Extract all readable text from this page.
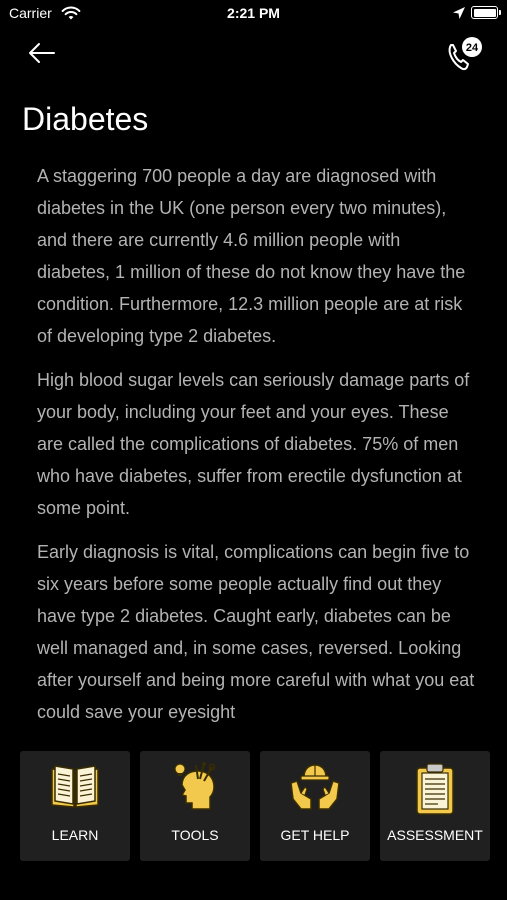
Carrier	2:21 PM
24
Diabetes

A staggering 700 people a day are diagnosed with diabetes in the UK (one person every two minutes), and there are currently 4.6 million people with diabetes, 1 million of these do not know they have the condition. Furthermore, 12.3 million people are at risk of developing type 2 diabetes.

High blood sugar levels can seriously damage parts of your body, including your feet and your eyes. These are called the complications of diabetes. 75% of men who have diabetes, suffer from erectile dysfunction at some point.

Early diagnosis is vital, complications can begin five to six years before some people actually find out they have type 2 diabetes. Caught early, diabetes can be well managed and, in some cases, reversed. Looking after yourself and being more careful with what you eat could save your eyesight

LEARN	TOOLS	GET HELP	ASSESSMENT
